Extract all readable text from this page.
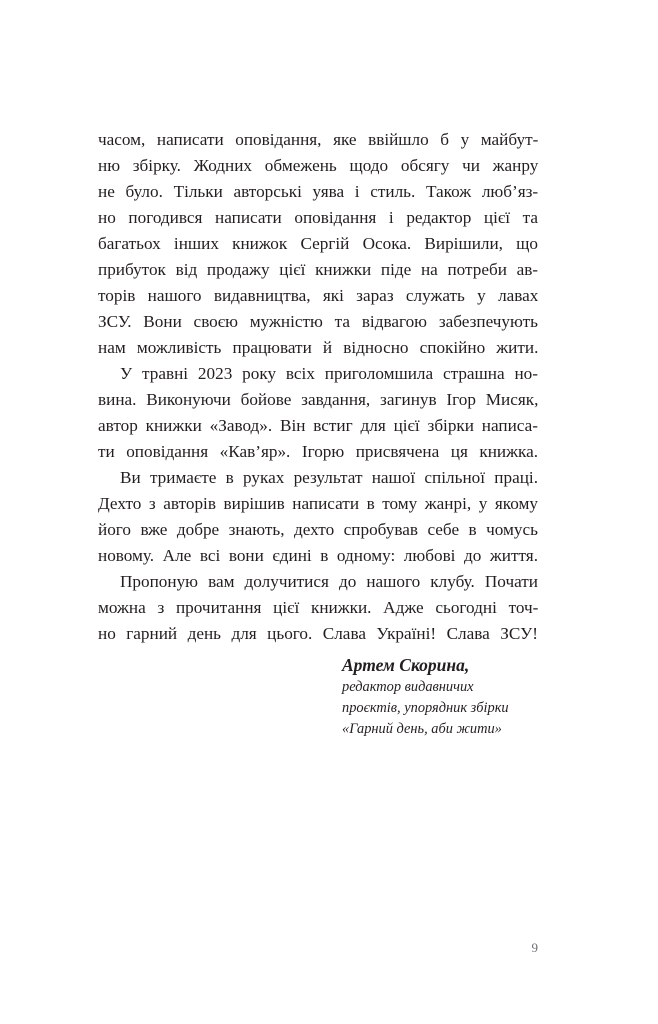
часом, написати оповідання, яке ввійшло б у майбут-
ню збірку. Жодних обмежень щодо обсягу чи жанру
не було. Тільки авторські уява і стиль. Також люб’яз-
но погодився написати оповідання і редактор цієї та
багатьох інших книжок Сергій Осока. Вирішили, що
прибуток від продажу цієї книжки піде на потреби ав-
торів нашого видавництва, які зараз служать у лавах
ЗСУ. Вони своєю мужністю та відвагою забезпечують
нам можливість працювати й відносно спокійно жити.
У травні 2023 року всіх приголомшила страшна но-
вина. Виконуючи бойове завдання, загинув Ігор Мисяк,
автор книжки «Завод». Він встиг для цієї збірки написа-
ти оповідання «Кав’яр». Ігорю присвячена ця книжка.
Ви тримаєте в руках результат нашої спільної праці.
Дехто з авторів вирішив написати в тому жанрі, у якому
його вже добре знають, дехто спробував себе в чомусь
новому. Але всі вони єдині в одному: любові до життя.
Пропоную вам долучитися до нашого клубу. Почати
можна з прочитання цієї книжки. Адже сьогодні точ-
но гарний день для цього. Слава Україні! Слава ЗСУ!
Артем Скорина,
редактор видавничих
проєктів, упорядник збірки
«Гарний день, аби жити»
9
